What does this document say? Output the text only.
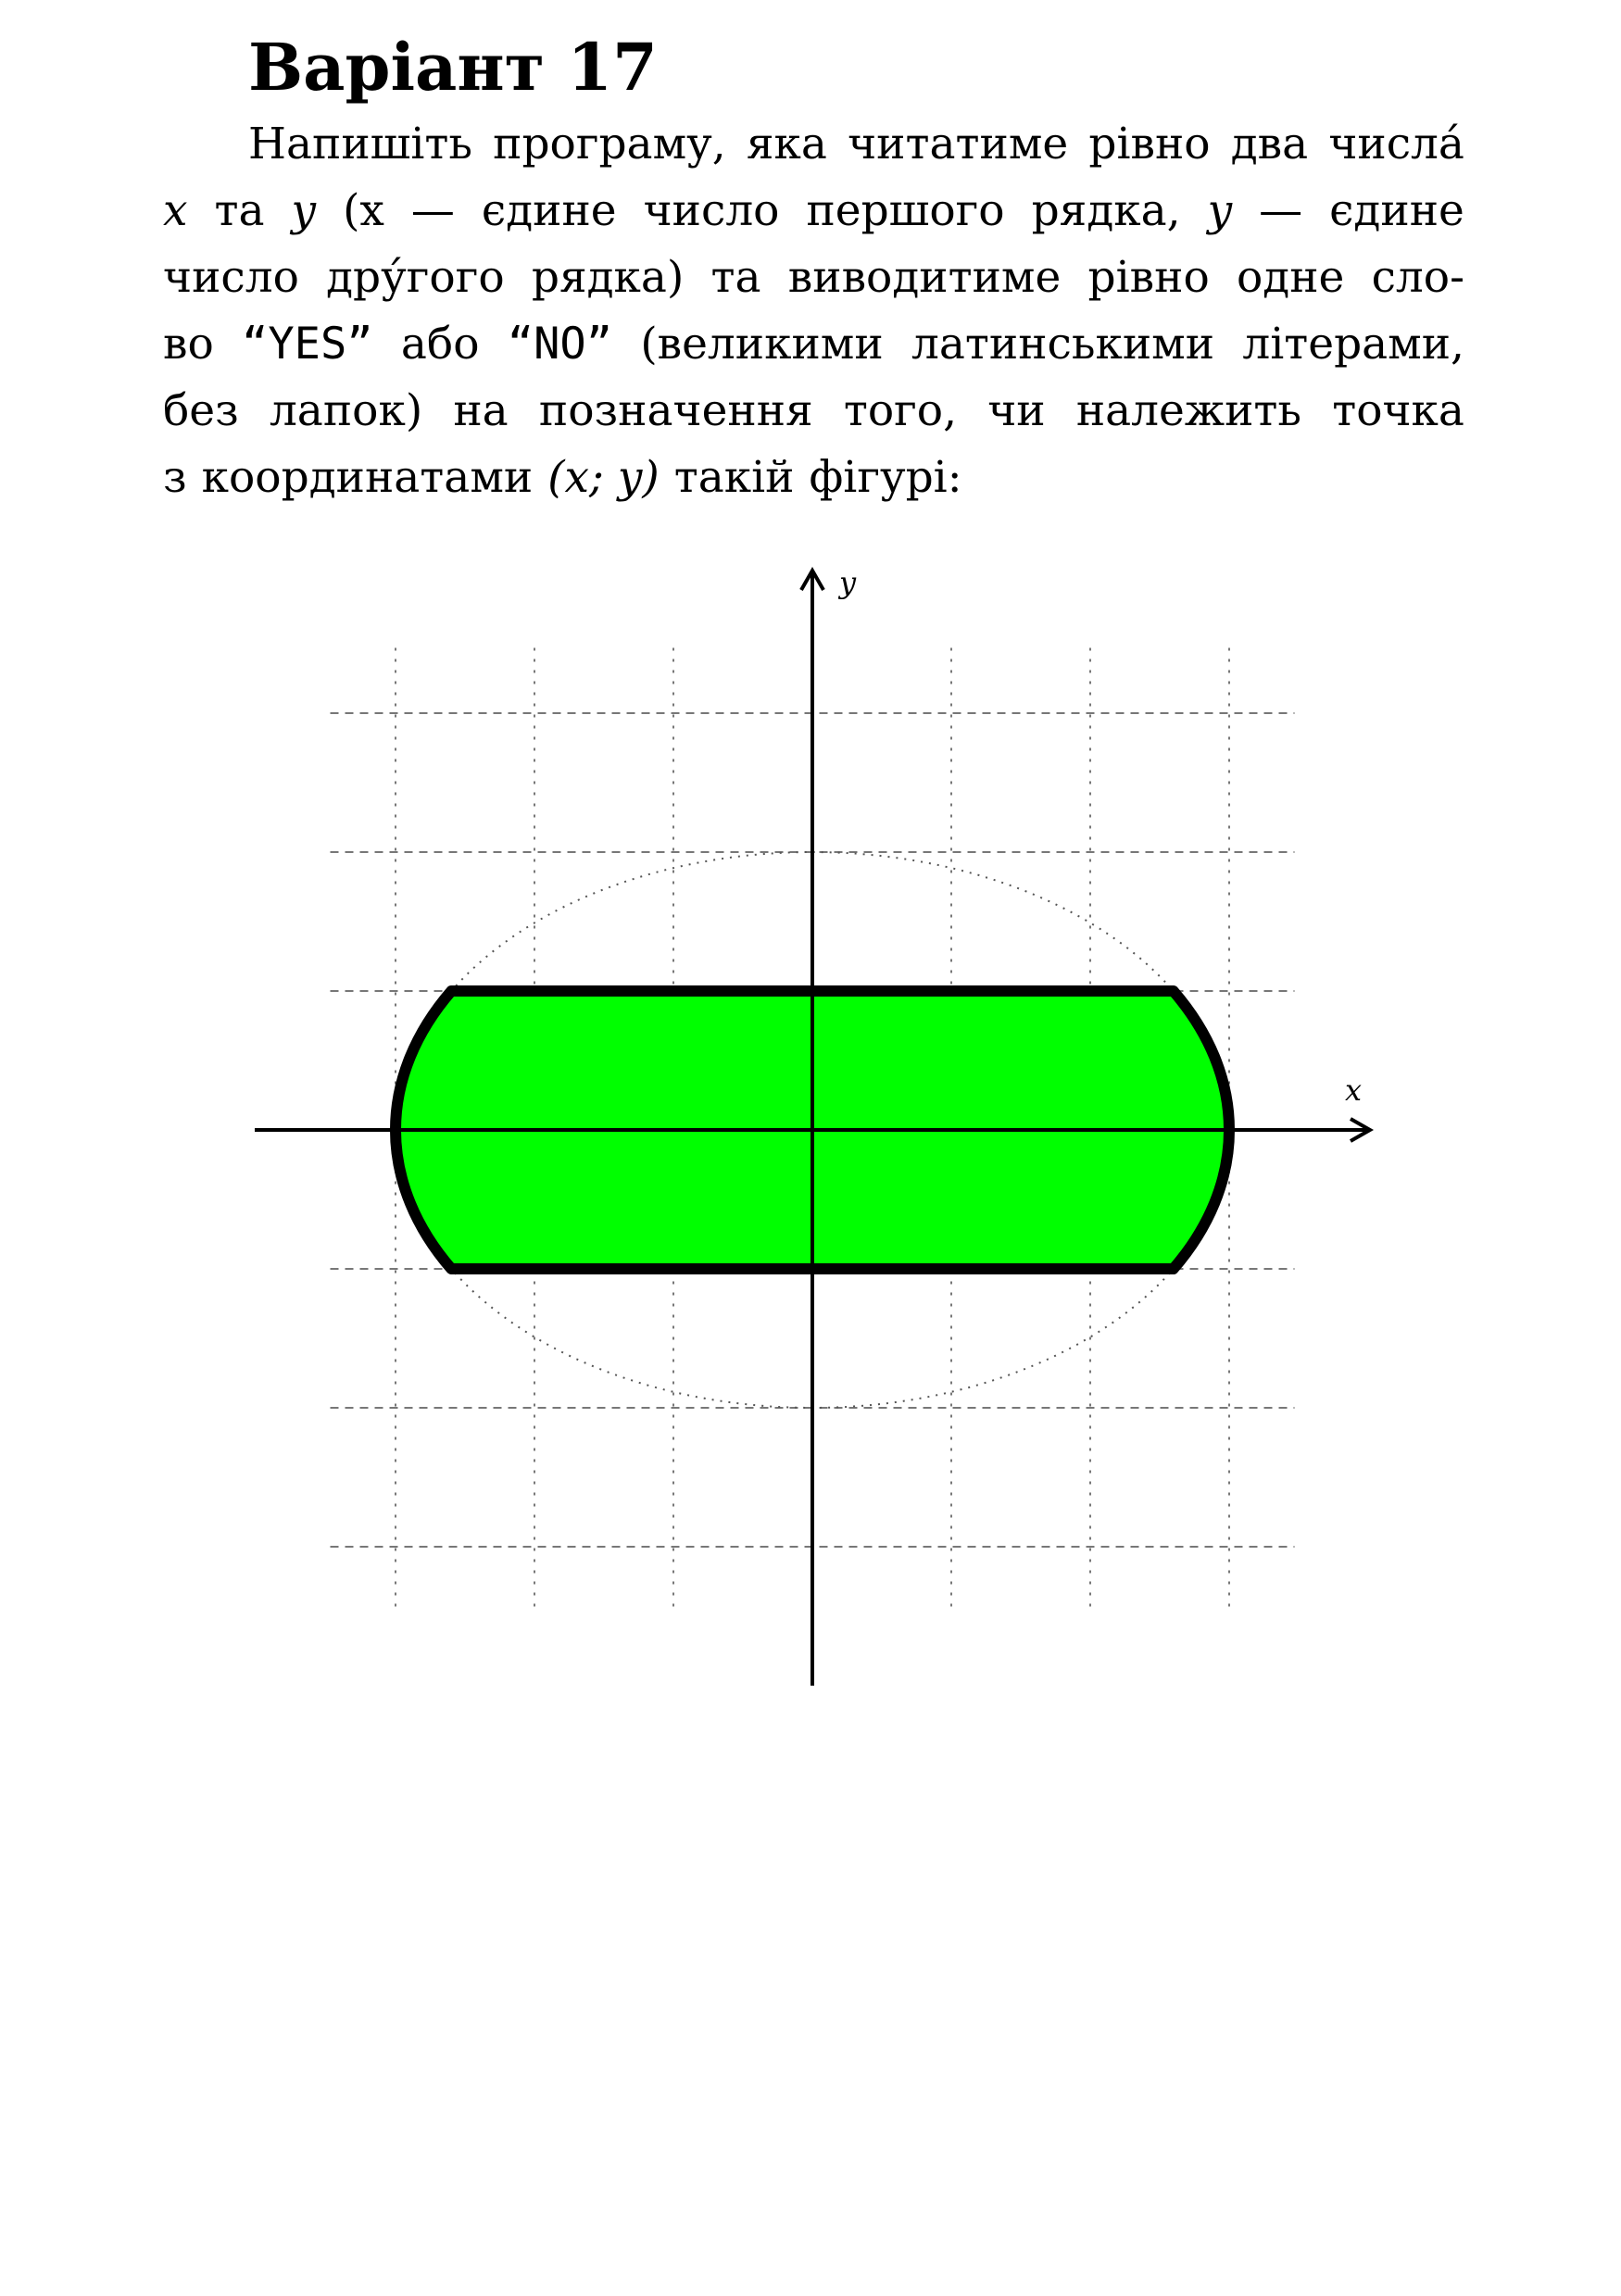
Варіант 17
Напишіть програму, яка читатиме рівно два числа́
x та y (x — єдине число першого рядка, y — єдине
число дру́гого рядка) та виводитиме рівно одне сло-
во “YES” або “NO” (великими латинськими літерами,
без лапок) на позначення того, чи належить точка
з координатами (x; y) такій фігурі:
x
y
